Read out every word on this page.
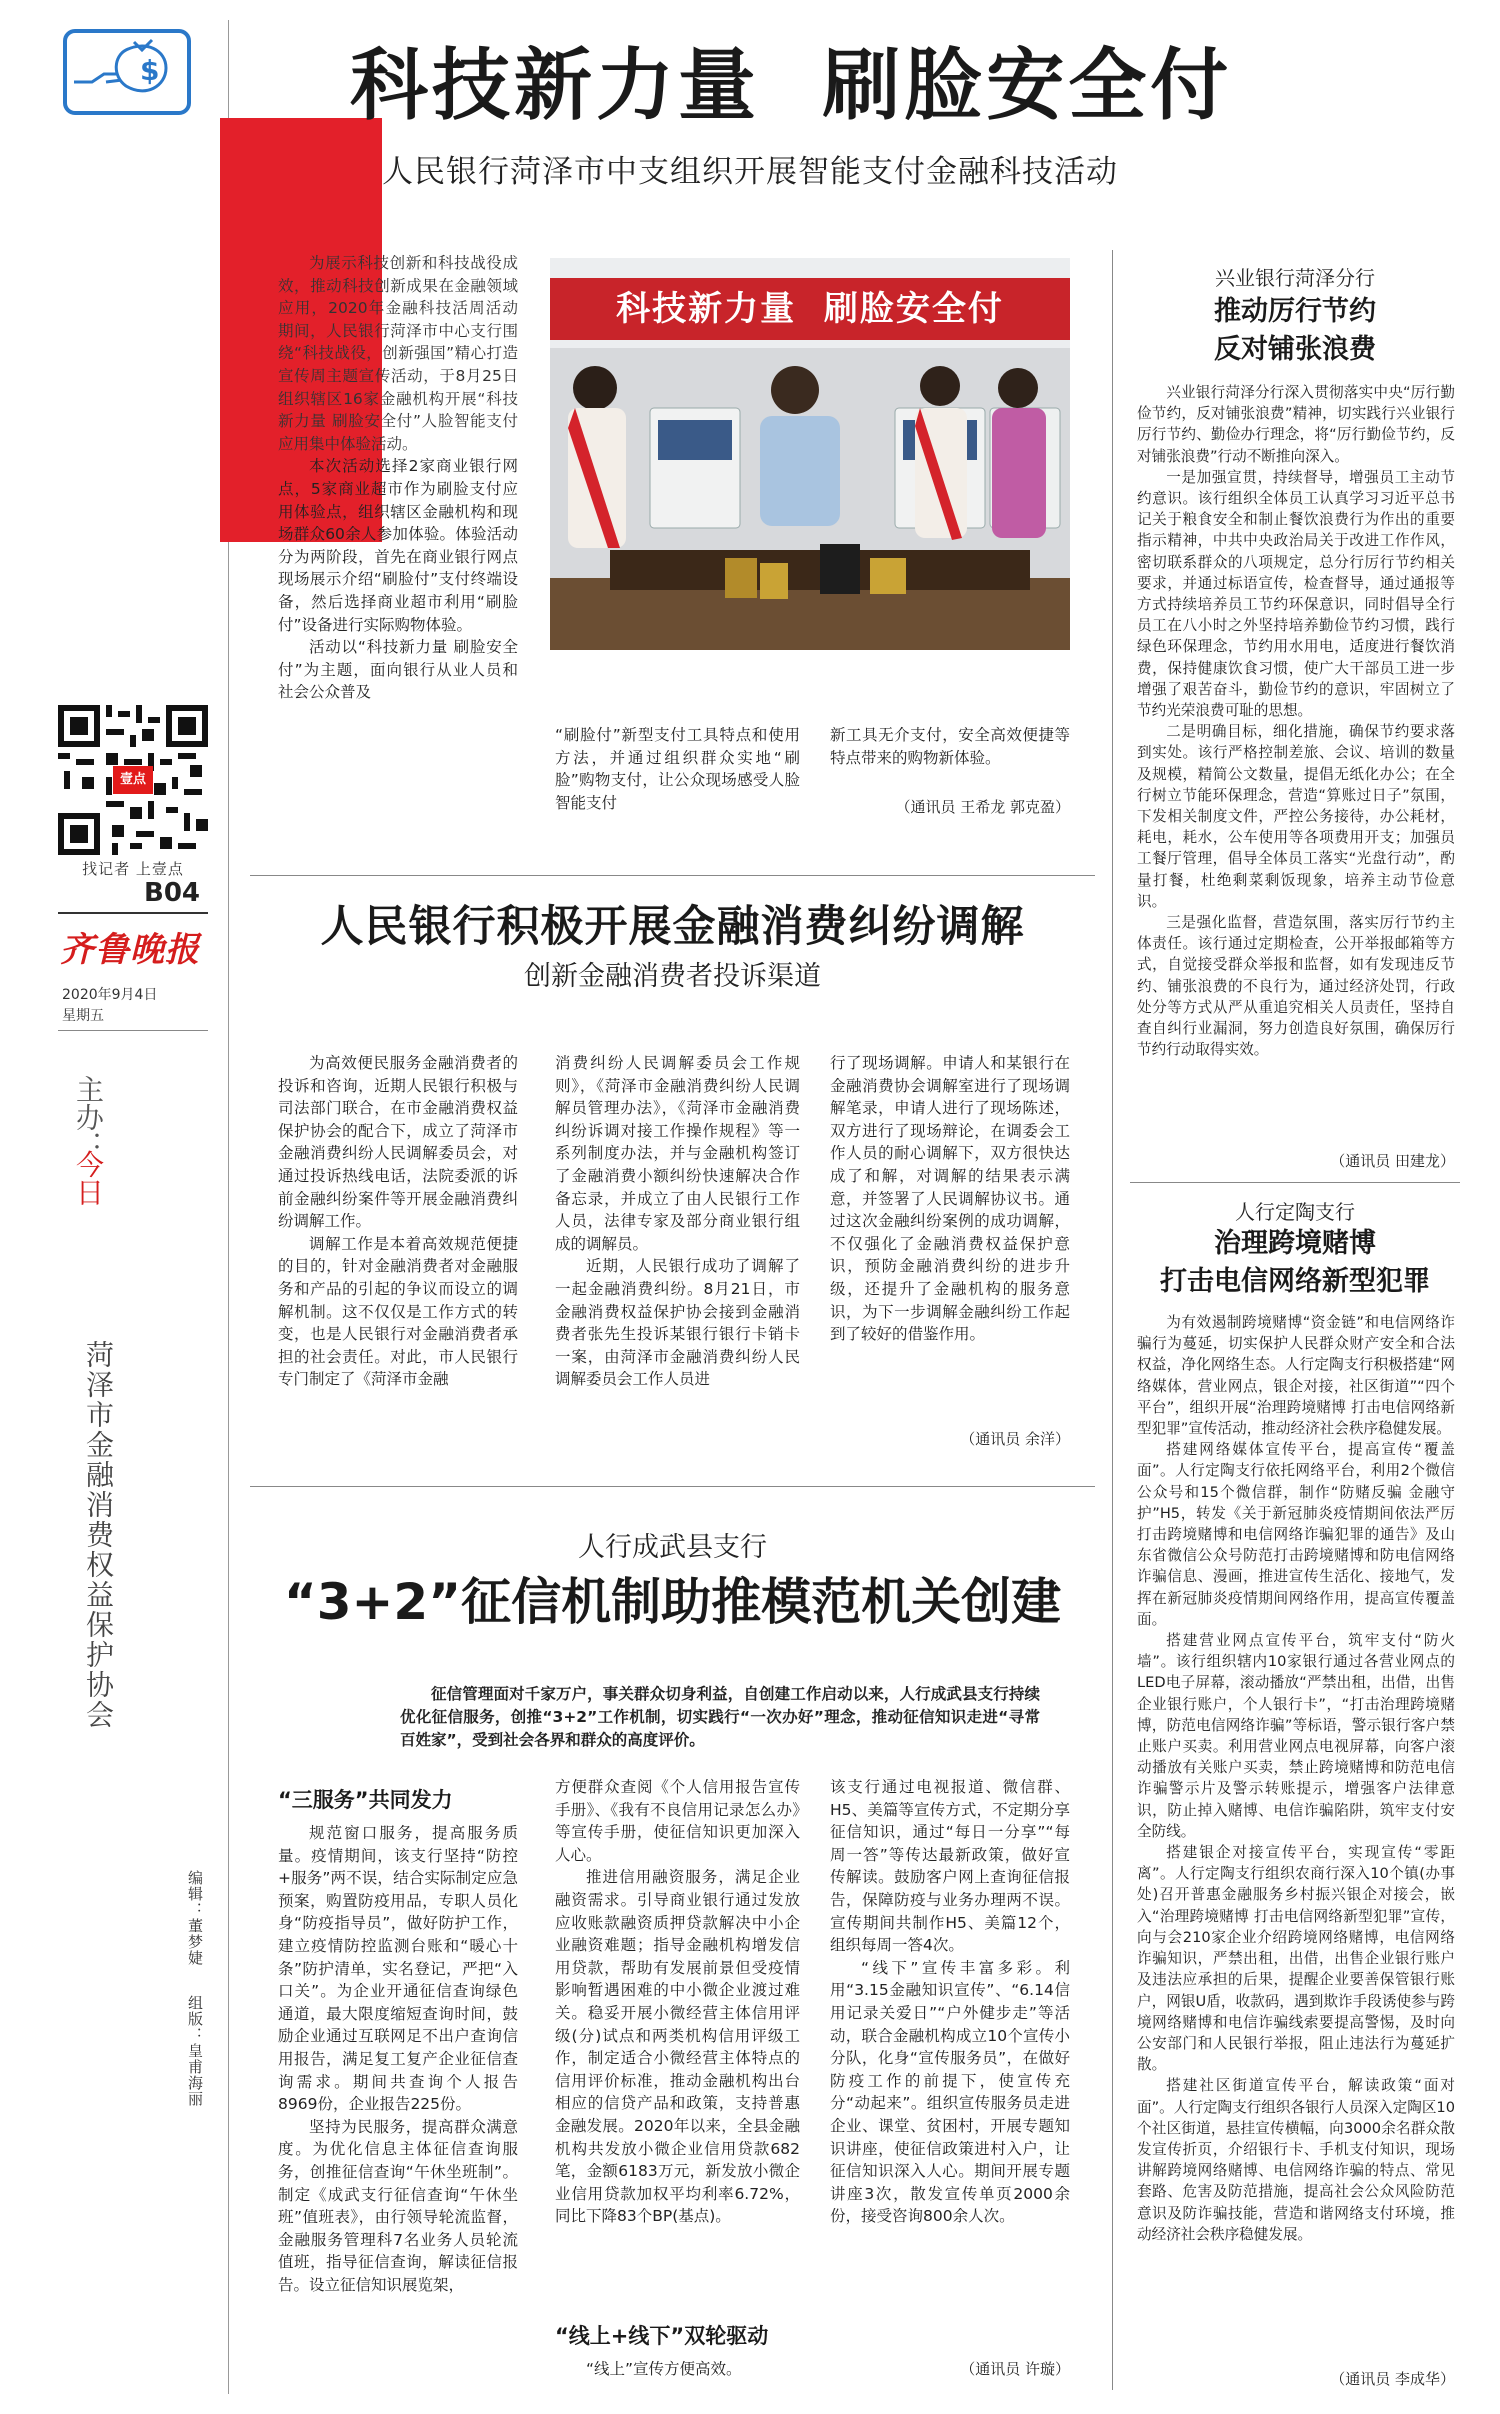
$
壹点
找记者 上壹点
B04
齐鲁晚报
2020年9月4日
星期五
主办：
今日
菏泽市金融消费权益保护协会
编辑：董梦婕
组版：皇甫海丽
科技新力量  刷脸安全付
人民银行菏泽市中支组织开展智能支付金融科技活动

为展示科技创新和科技战役成效，推动科技创新成果在金融领域应用，2020年金融科技活周活动期间，人民银行菏泽市中心支行围绕“科技战役，创新强国”精心打造宣传周主题宣传活动，于8月25日组织辖区16家金融机构开展“科技新力量 刷脸安全付”人脸智能支付应用集中体验活动。

本次活动选择2家商业银行网点，5家商业超市作为刷脸支付应用体验点，组织辖区金融机构和现场群众60余人参加体验。体验活动分为两阶段，首先在商业银行网点现场展示介绍“刷脸付”支付终端设备，然后选择商业超市利用“刷脸付”设备进行实际购物体验。

活动以“科技新力量 刷脸安全付”为主题，面向银行从业人员和社会公众普及

科技新力量  刷脸安全付

“刷脸付”新型支付工具特点和使用方法，并通过组织群众实地“刷脸”购物支付，让公众现场感受人脸智能支付

新工具无介支付，安全高效便捷等特点带来的购物新体验。

（通讯员 王希龙 郭克盈）
兴业银行菏泽分行
推动厉行节约
反对铺张浪费

兴业银行菏泽分行深入贯彻落实中央“厉行勤俭节约，反对铺张浪费”精神，切实践行兴业银行厉行节约、勤俭办行理念，将“厉行勤俭节约，反对铺张浪费”行动不断推向深入。

一是加强宣贯，持续督导，增强员工主动节约意识。该行组织全体员工认真学习习近平总书记关于粮食安全和制止餐饮浪费行为作出的重要指示精神，中共中央政治局关于改进工作作风，密切联系群众的八项规定，总分行厉行节约相关要求，并通过标语宣传，检查督导，通过通报等方式持续培养员工节约环保意识，同时倡导全行员工在八小时之外坚持培养勤俭节约习惯，践行绿色环保理念，节约用水用电，适度进行餐饮消费，保持健康饮食习惯，使广大干部员工进一步增强了艰苦奋斗，勤俭节约的意识，牢固树立了节约光荣浪费可耻的思想。

二是明确目标，细化措施，确保节约要求落到实处。该行严格控制差旅、会议、培训的数量及规模，精简公文数量，提倡无纸化办公；在全行树立节能环保理念，营造“算账过日子”氛围，下发相关制度文件，严控公务接待，办公耗材，耗电，耗水，公车使用等各项费用开支；加强员工餐厅管理，倡导全体员工落实“光盘行动”，酌量打餐，杜绝剩菜剩饭现象，培养主动节俭意识。

三是强化监督，营造氛围，落实厉行节约主体责任。该行通过定期检查，公开举报邮箱等方式，自觉接受群众举报和监督，如有发现违反节约、铺张浪费的不良行为，通过经济处罚，行政处分等方式从严从重追究相关人员责任，坚持自查自纠行业漏洞，努力创造良好氛围，确保厉行节约行动取得实效。

（通讯员 田建龙）
人行定陶支行
治理跨境赌博
打击电信网络新型犯罪

为有效遏制跨境赌博“资金链”和电信网络诈骗行为蔓延，切实保护人民群众财产安全和合法权益，净化网络生态。人行定陶支行积极搭建“网络媒体，营业网点，银企对接，社区街道”“四个平台”，组织开展“治理跨境赌博 打击电信网络新型犯罪”宣传活动，推动经济社会秩序稳健发展。

搭建网络媒体宣传平台，提高宣传“覆盖面”。人行定陶支行依托网络平台，利用2个微信公众号和15个微信群，制作“防赌反骗 金融守护”H5，转发《关于新冠肺炎疫情期间依法严厉打击跨境赌博和电信网络诈骗犯罪的通告》及山东省微信公众号防范打击跨境赌博和防电信网络诈骗信息、漫画，推进宣传生活化、接地气，发挥在新冠肺炎疫情期间网络作用，提高宣传覆盖面。

搭建营业网点宣传平台，筑牢支付“防火墙”。该行组织辖内10家银行通过各营业网点的LED电子屏幕，滚动播放“严禁出租，出借，出售企业银行账户，个人银行卡”，“打击治理跨境赌博，防范电信网络诈骗”等标语，警示银行客户禁止账户买卖。利用营业网点电视屏幕，向客户滚动播放有关账户买卖，禁止跨境赌博和防范电信诈骗警示片及警示转账提示，增强客户法律意识，防止掉入赌博、电信诈骗陷阱，筑牢支付安全防线。

搭建银企对接宣传平台，实现宣传“零距离”。人行定陶支行组织农商行深入10个镇(办事处)召开普惠金融服务乡村振兴银企对接会，嵌入“治理跨境赌博 打击电信网络新型犯罪”宣传，向与会210家企业介绍跨境网络赌博，电信网络诈骗知识，严禁出租，出借，出售企业银行账户及违法应承担的后果，提醒企业要善保管银行账户，网银U盾，收款码，遇到欺诈手段诱使参与跨境网络赌博和电信诈骗线索要提高警惕，及时向公安部门和人民银行举报，阻止违法行为蔓延扩散。

搭建社区街道宣传平台，解读政策“面对面”。人行定陶支行组织各银行人员深入定陶区10个社区街道，悬挂宣传横幅，向3000余名群众散发宣传折页，介绍银行卡、手机支付知识，现场讲解跨境网络赌博、电信网络诈骗的特点、常见套路、危害及防范措施，提高社会公众风险防范意识及防诈骗技能，营造和谐网络支付环境，推动经济社会秩序稳健发展。

（通讯员 李成华）
人民银行积极开展金融消费纠纷调解
创新金融消费者投诉渠道

为高效便民服务金融消费者的投诉和咨询，近期人民银行积极与司法部门联合，在市金融消费权益保护协会的配合下，成立了菏泽市金融消费纠纷人民调解委员会，对通过投诉热线电话，法院委派的诉前金融纠纷案件等开展金融消费纠纷调解工作。

调解工作是本着高效规范便捷的目的，针对金融消费者对金融服务和产品的引起的争议而设立的调解机制。这不仅仅是工作方式的转变，也是人民银行对金融消费者承担的社会责任。对此，市人民银行专门制定了《菏泽市金融

消费纠纷人民调解委员会工作规则》，《菏泽市金融消费纠纷人民调解员管理办法》，《菏泽市金融消费纠纷诉调对接工作操作规程》等一系列制度办法，并与金融机构签订了金融消费小额纠纷快速解决合作备忘录，并成立了由人民银行工作人员，法律专家及部分商业银行组成的调解员。

近期，人民银行成功了调解了一起金融消费纠纷。8月21日，市金融消费权益保护协会接到金融消费者张先生投诉某银行银行卡销卡一案，由菏泽市金融消费纠纷人民调解委员会工作人员进

行了现场调解。申请人和某银行在金融消费协会调解室进行了现场调解笔录，申请人进行了现场陈述，双方进行了现场辩论，在调委会工作人员的耐心调解下，双方很快达成了和解，对调解的结果表示满意，并签署了人民调解协议书。通过这次金融纠纷案例的成功调解，不仅强化了金融消费权益保护意识，预防金融消费纠纷的进步升级，还提升了金融机构的服务意识，为下一步调解金融纠纷工作起到了较好的借鉴作用。

（通讯员 余洋）
人行成武县支行
“3+2”征信机制助推模范机关创建
征信管理面对千家万户，事关群众切身利益，自创建工作启动以来，人行成武县支行持续优化征信服务，创推“3+2”工作机制，切实践行“一次办好”理念，推动征信知识走进“寻常百姓家”，受到社会各界和群众的高度评价。
“三服务”共同发力

规范窗口服务，提高服务质量。疫情期间，该支行坚持“防控+服务”两不误，结合实际制定应急预案，购置防疫用品，专职人员化身“防疫指导员”，做好防护工作，建立疫情防控监测台账和“暖心十条”防护清单，实名登记，严把“入口关”。为企业开通征信查询绿色通道，最大限度缩短查询时间，鼓励企业通过互联网足不出户查询信用报告，满足复工复产企业征信查询需求。期间共查询个人报告8969份，企业报告225份。

坚持为民服务，提高群众满意度。为优化信息主体征信查询服务，创推征信查询“午休坐班制”。制定《成武支行征信查询“午休坐班”值班表》，由行领导轮流监督，金融服务管理科7名业务人员轮流值班，指导征信查询，解读征信报告。设立征信知识展览架，

方便群众查阅《个人信用报告宣传手册》、《我有不良信用记录怎么办》等宣传手册，使征信知识更加深入人心。

推进信用融资服务，满足企业融资需求。引导商业银行通过发放应收账款融资质押贷款解决中小企业融资难题；指导金融机构增发信用贷款，帮助有发展前景但受疫情影响暂遇困难的中小微企业渡过难关。稳妥开展小微经营主体信用评级(分)试点和两类机构信用评级工作，制定适合小微经营主体特点的信用评价标准，推动金融机构出台相应的信贷产品和政策，支持普惠金融发展。2020年以来，全县金融机构共发放小微企业信用贷款682笔，金额6183万元，新发放小微企业信用贷款加权平均利率6.72%，同比下降83个BP(基点)。

“线上+线下”双轮驱动

“线上”宣传方便高效。

该支行通过电视报道、微信群、H5、美篇等宣传方式，不定期分享征信知识，通过“每日一分享”“每周一答”等传达最新政策，做好宣传解读。鼓励客户网上查询征信报告，保障防疫与业务办理两不误。宣传期间共制作H5、美篇12个，组织每周一答4次。

“线下”宣传丰富多彩。利用“3.15金融知识宣传”、“6.14信用记录关爱日”“户外健步走”等活动，联合金融机构成立10个宣传小分队，化身“宣传服务员”，在做好防疫工作的前提下，使宣传充分“动起来”。组织宣传服务员走进企业、课堂、贫困村，开展专题知识讲座，使征信政策进村入户，让征信知识深入人心。期间开展专题讲座3次，散发宣传单页2000余份，接受咨询800余人次。

（通讯员 许璇）
